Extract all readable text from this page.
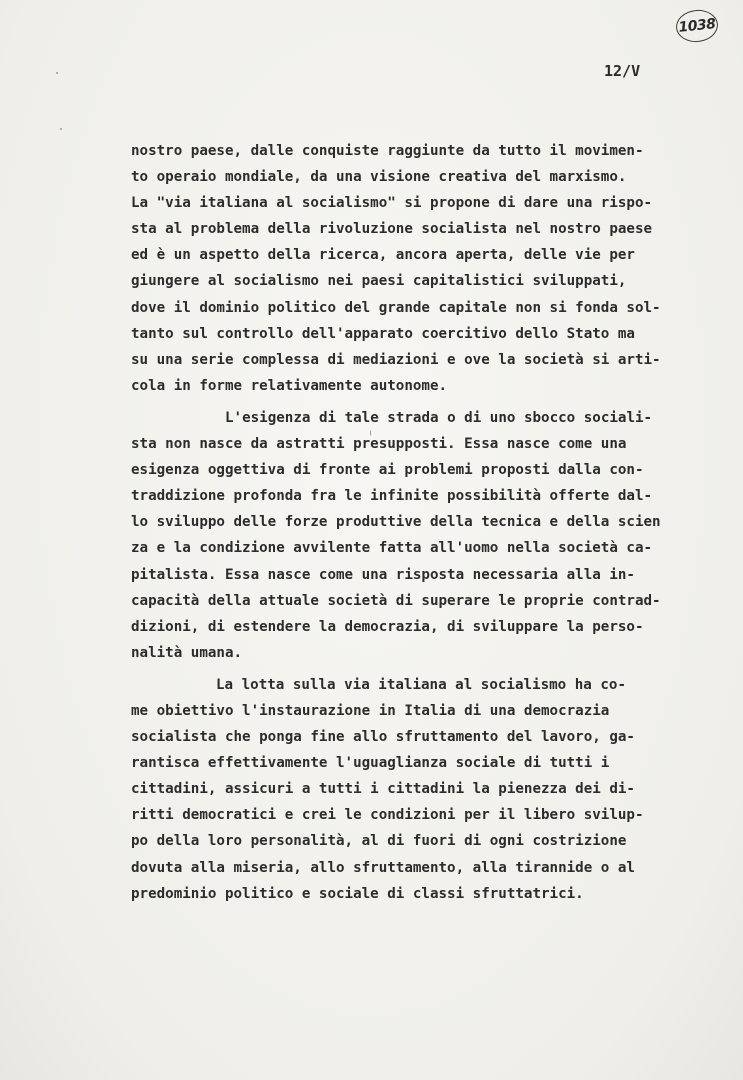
1038
12/V
nostro paese, dalle conquiste raggiunte da tutto il movimen-
to operaio mondiale, da una visione creativa del marxismo.
La "via italiana al socialismo" si propone di dare una rispo-
sta al problema della rivoluzione socialista nel nostro paese
ed è un aspetto della ricerca, ancora aperta, delle vie per
giungere al socialismo nei paesi capitalistici sviluppati,
dove il dominio politico del grande capitale non si fonda sol-
tanto sul controllo dell'apparato coercitivo dello Stato ma
su una serie complessa di mediazioni e ove la società si arti-
cola in forme relativamente autonome.
L'esigenza di tale strada o di uno sbocco sociali-
sta non nasce da astratti presupposti. Essa nasce come una
esigenza oggettiva di fronte ai problemi proposti dalla con-
traddizione profonda fra le infinite possibilità offerte dal-
lo sviluppo delle forze produttive della tecnica e della scien
za e la condizione avvilente fatta all'uomo nella società ca-
pitalista. Essa nasce come una risposta necessaria alla in-
capacità della attuale società di superare le proprie contrad-
dizioni, di estendere la democrazia, di sviluppare la perso-
nalità umana.
La lotta sulla via italiana al socialismo ha co-
me obiettivo l'instaurazione in Italia di una democrazia
socialista che ponga fine allo sfruttamento del lavoro, ga-
rantisca effettivamente l'uguaglianza sociale di tutti i
cittadini, assicuri a tutti i cittadini la pienezza dei di-
ritti democratici e crei le condizioni per il libero svilup-
po della loro personalità, al di fuori di ogni costrizione
dovuta alla miseria, allo sfruttamento, alla tirannide o al
predominio politico e sociale di classi sfruttatrici.
